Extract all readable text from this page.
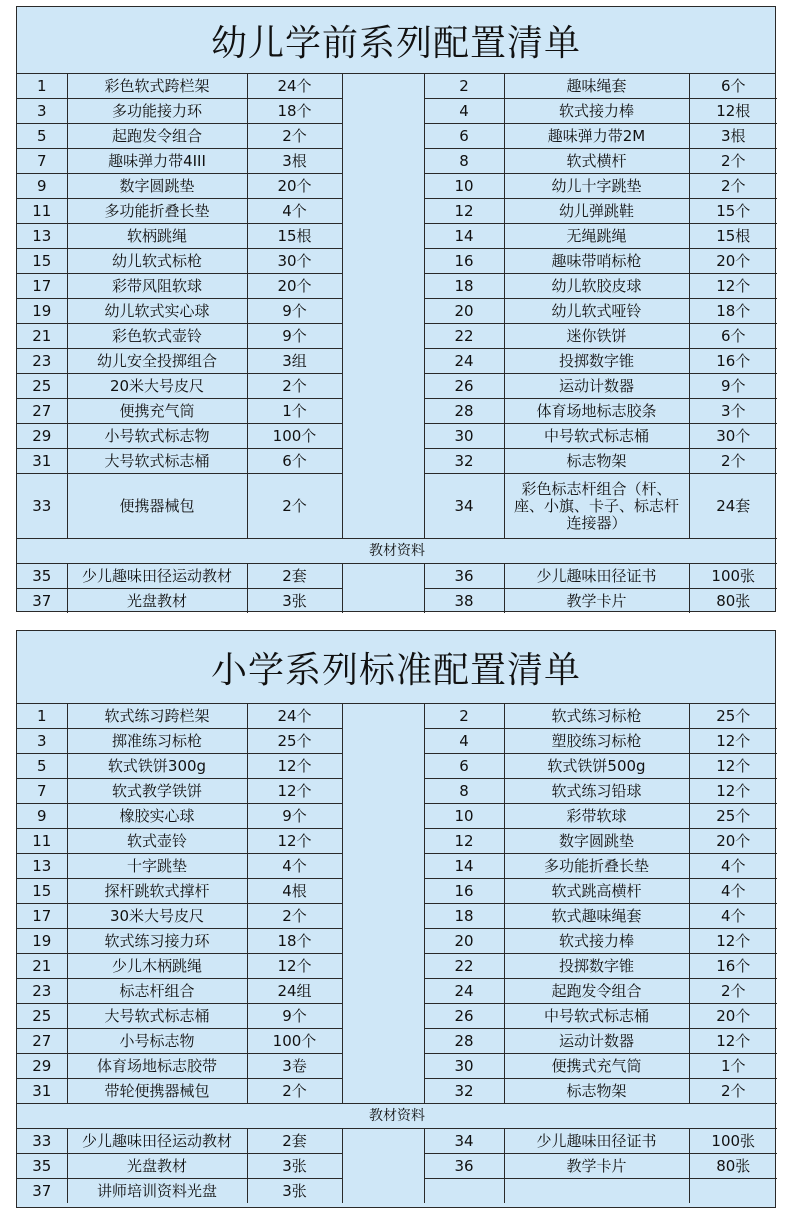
幼儿学前系列配置清单
1	彩色软式跨栏架	24个		2	趣味绳套	6个
3	多功能接力环	18个		4	软式接力棒	12根
5	起跑发令组合	2个		6	趣味弹力带2M	3根
7	趣味弹力带4III	3根		8	软式横杆	2个
9	数字圆跳垫	20个		10	幼儿十字跳垫	2个
11	多功能折叠长垫	4个		12	幼儿弹跳鞋	15个
13	软柄跳绳	15根		14	无绳跳绳	15根
15	幼儿软式标枪	30个		16	趣味带哨标枪	20个
17	彩带风阻软球	20个		18	幼儿软胶皮球	12个
19	幼儿软式实心球	9个		20	幼儿软式哑铃	18个
21	彩色软式壶铃	9个		22	迷你铁饼	6个
23	幼儿安全投掷组合	3组		24	投掷数字锥	16个
25	20米大号皮尺	2个		26	运动计数器	9个
27	便携充气筒	1个		28	体育场地标志胶条	3个
29	小号软式标志物	100个		30	中号软式标志桶	30个
31	大号软式标志桶	6个		32	标志物架	2个
33	便携器械包	2个		34	彩色标志杆组合（杆、座、小旗、卡子、标志杆连接器）	24套
教材资料						
35	少儿趣味田径运动教材	2套		36	少儿趣味田径证书	100张
37	光盘教材	3张		38	教学卡片	80张
小学系列标准配置清单
1	软式练习跨栏架	24个		2	软式练习标枪	25个
3	掷准练习标枪	25个		4	塑胶练习标枪	12个
5	软式铁饼300g	12个		6	软式铁饼500g	12个
7	软式教学铁饼	12个		8	软式练习铅球	12个
9	橡胶实心球	9个		10	彩带软球	25个
11	软式壶铃	12个		12	数字圆跳垫	20个
13	十字跳垫	4个		14	多功能折叠长垫	4个
15	探杆跳软式撑杆	4根		16	软式跳高横杆	4个
17	30米大号皮尺	2个		18	软式趣味绳套	4个
19	软式练习接力环	18个		20	软式接力棒	12个
21	少儿木柄跳绳	12个		22	投掷数字锥	16个
23	标志杆组合	24组		24	起跑发令组合	2个
25	大号软式标志桶	9个		26	中号软式标志桶	20个
27	小号标志物	100个		28	运动计数器	12个
29	体育场地标志胶带	3卷		30	便携式充气筒	1个
31	带轮便携器械包	2个		32	标志物架	2个
教材资料						
33	少儿趣味田径运动教材	2套		34	少儿趣味田径证书	100张
35	光盘教材	3张		36	教学卡片	80张
37	讲师培训资料光盘	3张				
